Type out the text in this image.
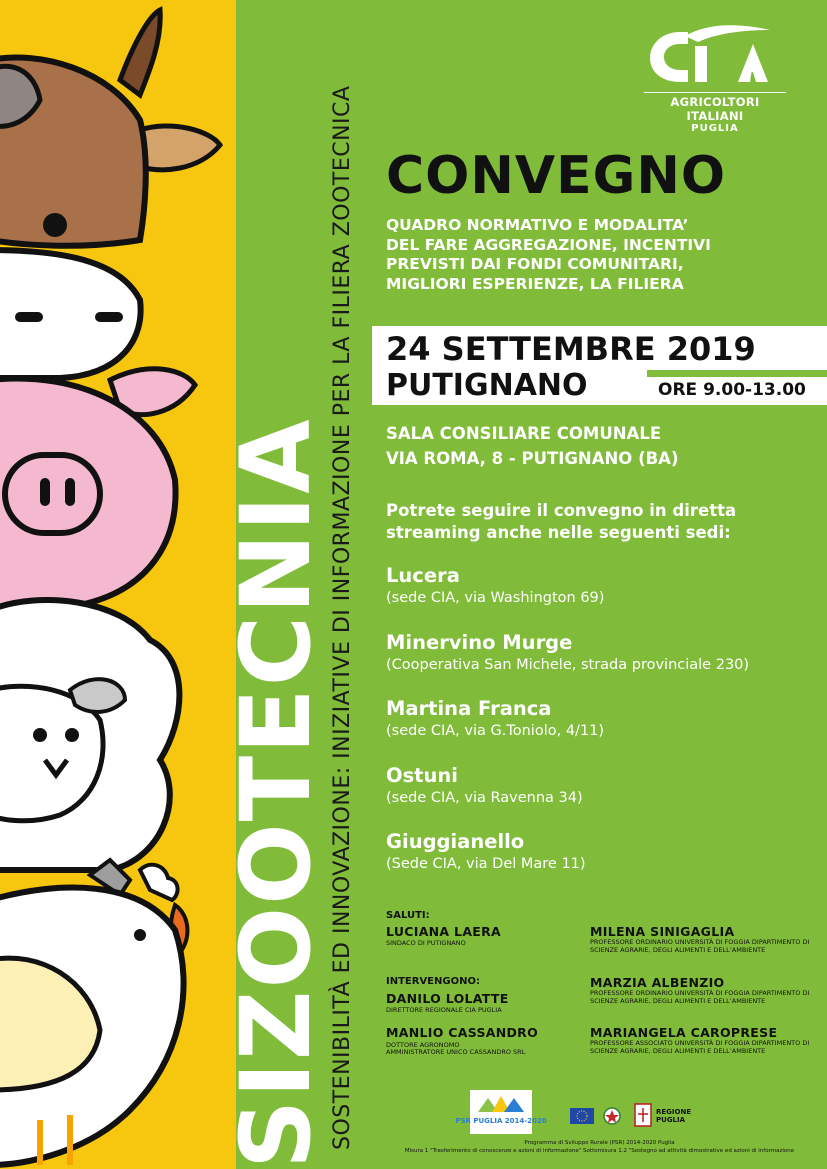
SIZOOTECNIA
SOSTENIBILITÀ ED INNOVAZIONE: INIZIATIVE DI INFORMAZIONE PER LA FILIERA ZOOTECNICA	AGRICOLTORI ITALIANI
PUGLIA
CONVEGNO
QUADRO NORMATIVO E MODALITA’
DEL FARE AGGREGAZIONE, INCENTIVI
PREVISTI DAI FONDI COMUNITARI,
MIGLIORI ESPERIENZE, LA FILIERA
24 SETTEMBRE 2019
PUTIGNANO	ORE 9.00-13.00
SALA CONSILIARE COMUNALE
VIA ROMA, 8 - PUTIGNANO (BA)
Potrete seguire il convegno in diretta
streaming anche nelle seguenti sedi:
Lucera
(sede CIA, via Washington 69)
Minervino Murge
(Cooperativa San Michele, strada provinciale 230)
Martina Franca
(sede CIA, via G.Toniolo, 4/11)
Ostuni
(sede CIA, via Ravenna 34)
Giuggianello
(Sede CIA, via Del Mare 11)
SALUTI:
LUCIANA LAERA
SINDACO DI PUTIGNANO
INTERVENGONO:
DANILO LOLATTE
DIRETTORE REGIONALE CIA PUGLIA
MANLIO CASSANDRO
DOTTORE AGRONOMO
AMMINISTRATORE UNICO CASSANDRO SRL
MILENA SINIGAGLIA
PROFESSORE ORDINARIO UNIVERSITÀ DI FOGGIA DIPARTIMENTO DI SCIENZE AGRARIE, DEGLI ALIMENTI E DELL’AMBIENTE
MARZIA ALBENZIO
PROFESSORE ORDINARIO UNIVERSITÀ DI FOGGIA DIPARTIMENTO DI SCIENZE AGRARIE, DEGLI ALIMENTI E DELL’AMBIENTE
MARIANGELA CAROPRESE
PROFESSORE ASSOCIATO UNIVERSITÀ DI FOGGIA DIPARTIMENTO DI SCIENZE AGRARIE, DEGLI ALIMENTI E DELL’AMBIENTE
PSR PUGLIA 2014-2020
REGIONE
PUGLIA
Programma di Sviluppo Rurale (PSR) 2014-2020 Puglia
Misura 1 "Trasferimento di conoscenze e azioni di informazione" Sottomisura 1.2 "Sostegno ad attività dimostrative ed azioni di informazione
